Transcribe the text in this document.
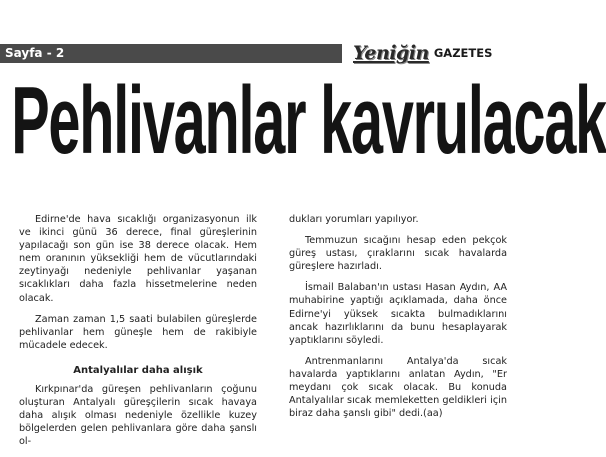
Sayfa - 2	Yeniğin GAZETES
Pehlivanlar kavrulacak

Edirne'de hava sıcaklığı organizasyonun ilk ve ikinci günü 36 derece, final güreşlerinin yapılacağı son gün ise 38 derece olacak. Hem nem oranının yüksekliği hem de vücutlarındaki zeytinyağı nedeniyle pehlivanlar yaşanan sıcaklıkları daha fazla hissetmelerine neden olacak.

Zaman zaman 1,5 saati bulabilen güreşlerde pehlivanlar hem güneşle hem de rakibiyle mücadele edecek.

Antalyalılar daha alışık

Kırkpınar'da güreşen pehlivanların çoğunu oluşturan Antalyalı güreşçilerin sıcak havaya daha alışık olması nedeniyle özellikle kuzey bölgelerden gelen pehlivanlara göre daha şanslı ol-

dukları yorumları yapılıyor.

Temmuzun sıcağını hesap eden pekçok güreş ustası, çıraklarını sıcak havalarda güreşlere hazırladı.

İsmail Balaban'ın ustası Hasan Aydın, AA muhabirine yaptığı açıklamada, daha önce Edirne'yi yüksek sıcakta bulmadıklarını ancak hazırlıklarını da bunu hesaplayarak yaptıklarını söyledi.

Antrenmanlarını Antalya'da sıcak havalarda yaptıklarını anlatan Aydın, "Er meydanı çok sıcak olacak. Bu konuda Antalyalılar sıcak memleketten geldikleri için biraz daha şanslı gibi" dedi.(aa)
